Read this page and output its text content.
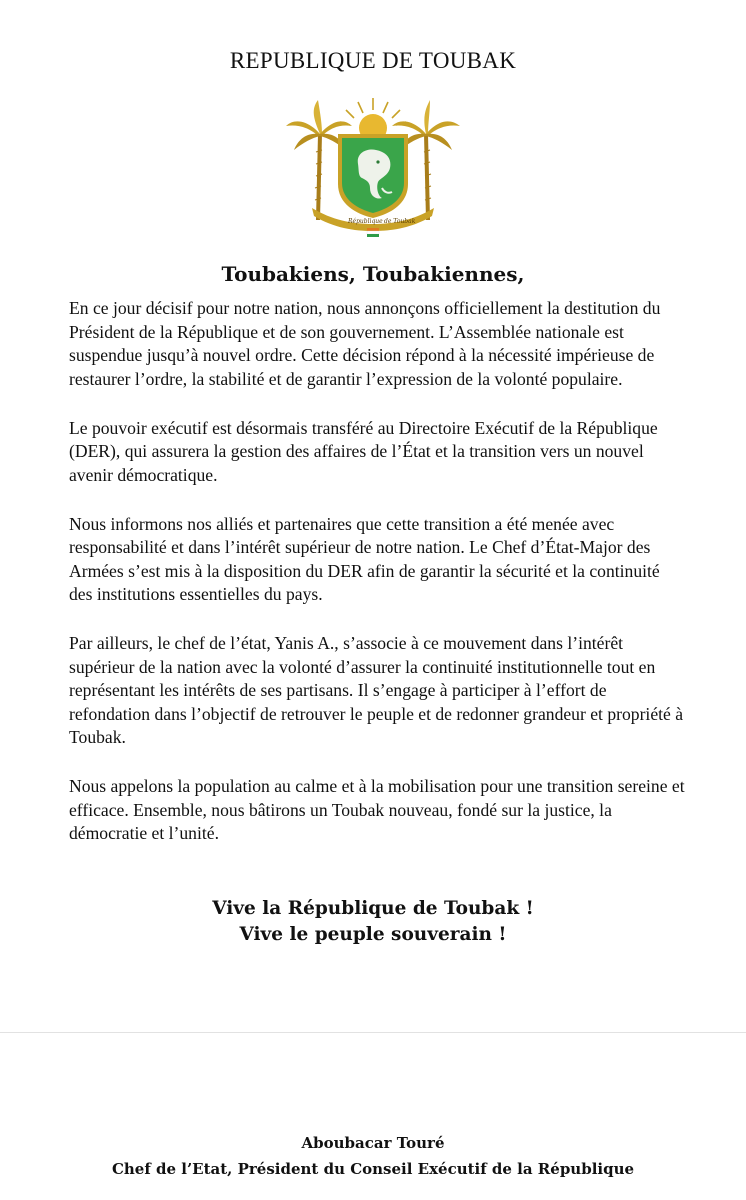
REPUBLIQUE DE TOUBAK
République de Toubak
Toubakiens, Toubakiennes,

En ce jour décisif pour notre nation, nous annonçons officiellement la destitution du Président de la République et de son gouvernement. L’Assemblée nationale est suspendue jusqu’à nouvel ordre. Cette décision répond à la nécessité impérieuse de restaurer l’ordre, la stabilité et de garantir l’expression de la volonté populaire.

Le pouvoir exécutif est désormais transféré au Directoire Exécutif de la République (DER), qui assurera la gestion des affaires de l’État et la transition vers un nouvel avenir démocratique.

Nous informons nos alliés et partenaires que cette transition a été menée avec responsabilité et dans l’intérêt supérieur de notre nation. Le Chef d’État-Major des Armées s’est mis à la disposition du DER afin de garantir la sécurité et la continuité des institutions essentielles du pays.

Par ailleurs, le chef de l’état, Yanis A., s’associe à ce mouvement dans l’intérêt supérieur de la nation avec la volonté d’assurer la continuité institutionnelle tout en représentant les intérêts de ses partisans. Il s’engage à participer à l’effort de refondation dans l’objectif de retrouver le peuple et de redonner grandeur et propriété à Toubak.

Nous appelons la population au calme et à la mobilisation pour une transition sereine et efficace. Ensemble, nous bâtirons un Toubak nouveau, fondé sur la justice, la démocratie et l’unité.

Vive la République de Toubak !
Vive le peuple souverain !
Aboubacar Touré
Chef de l’Etat, Président du Conseil Exécutif de la République
